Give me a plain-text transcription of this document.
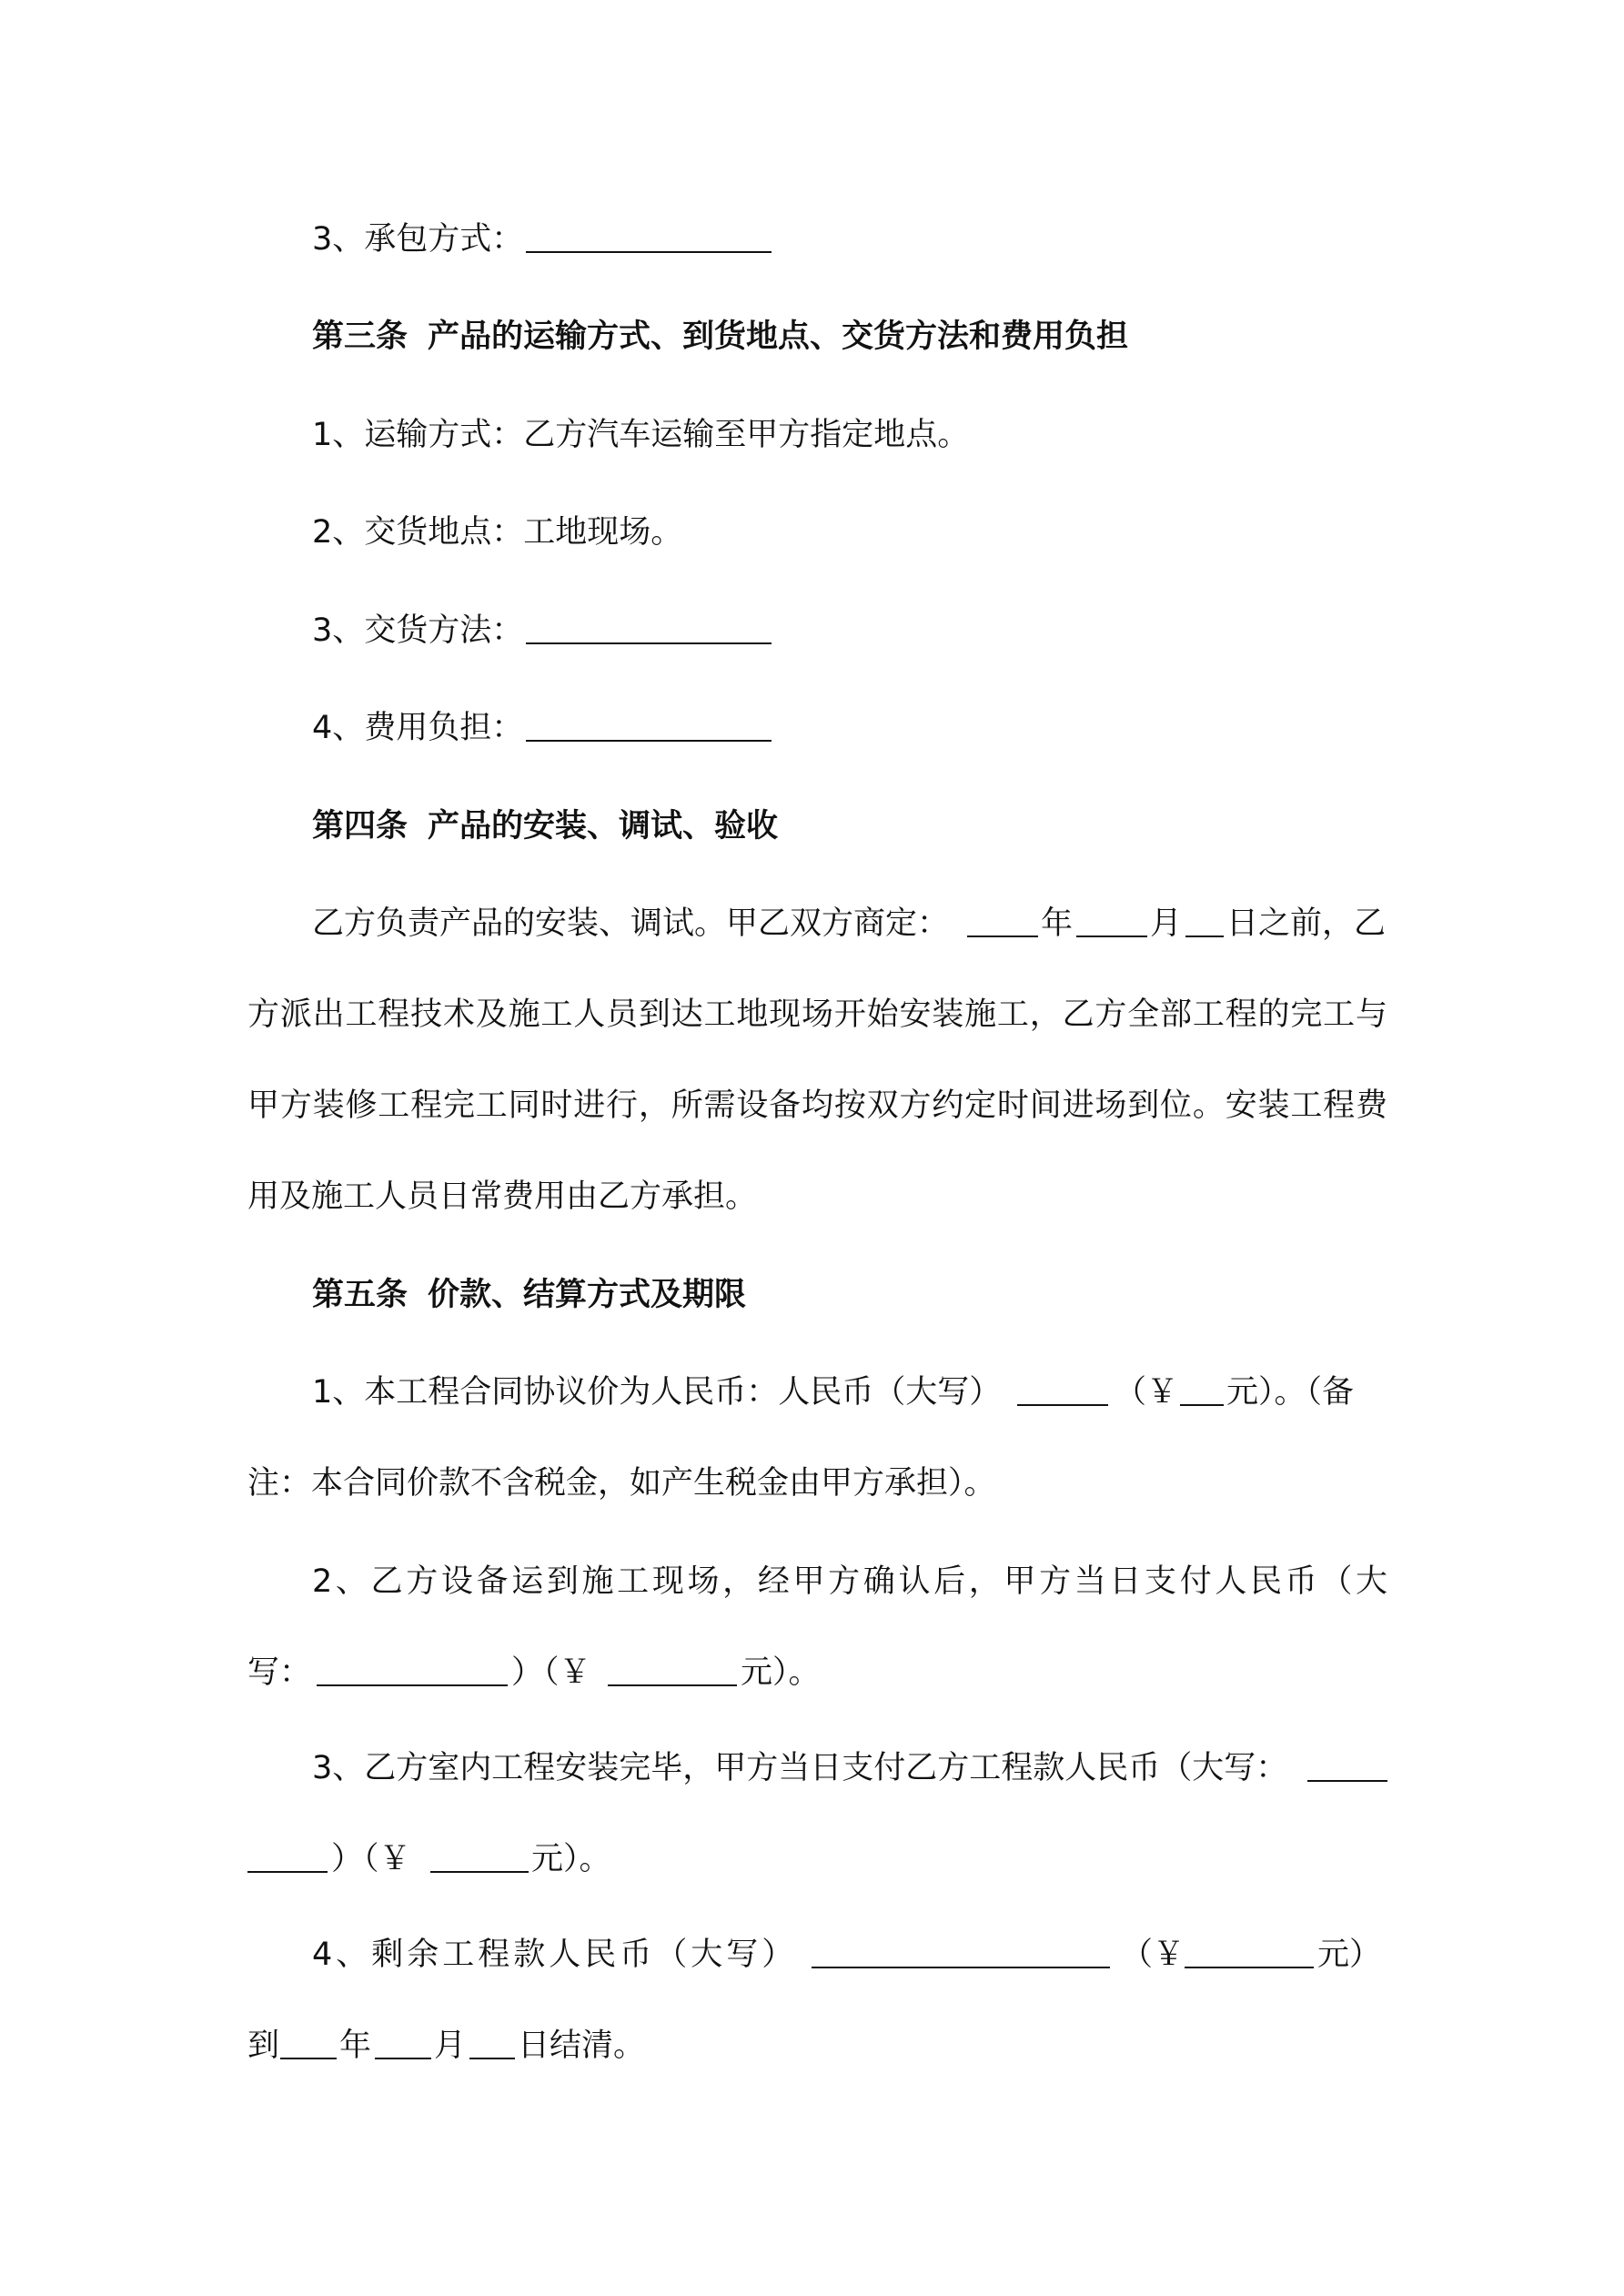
3、承包方式：
第三条 产品的运输方式、到货地点、交货方法和费用负担
1、运输方式：乙方汽车运输至甲方指定地点。
2、交货地点：工地现场。
3、交货方法：
4、费用负担：
第四条 产品的安装、调试、验收
乙方负责产品的安装、调试。甲乙双方商定：	年 月 日之前，乙
方派出工程技术及施工人员到达工地现场开始安装施工，乙方全部工程的完工与
甲方装修工程完工同时进行，所需设备均按双方约定时间进场到位。安装工程费
用及施工人员日常费用由乙方承担。
第五条 价款、结算方式及期限
1、本工程合同协议价为人民币：人民币（大写）	（￥ 元）。（备
注：本合同价款不含税金，如产生税金由甲方承担）。
2、乙方设备运到施工现场，经甲方确认后，甲方当日支付人民币（大
写：	）（￥	元）。
3、乙方室内工程安装完毕，甲方当日支付乙方工程款人民币（大写：
）（￥	元）。
4、剩余工程款人民币（大写）	（￥	元）
到 年 月 日结清。
